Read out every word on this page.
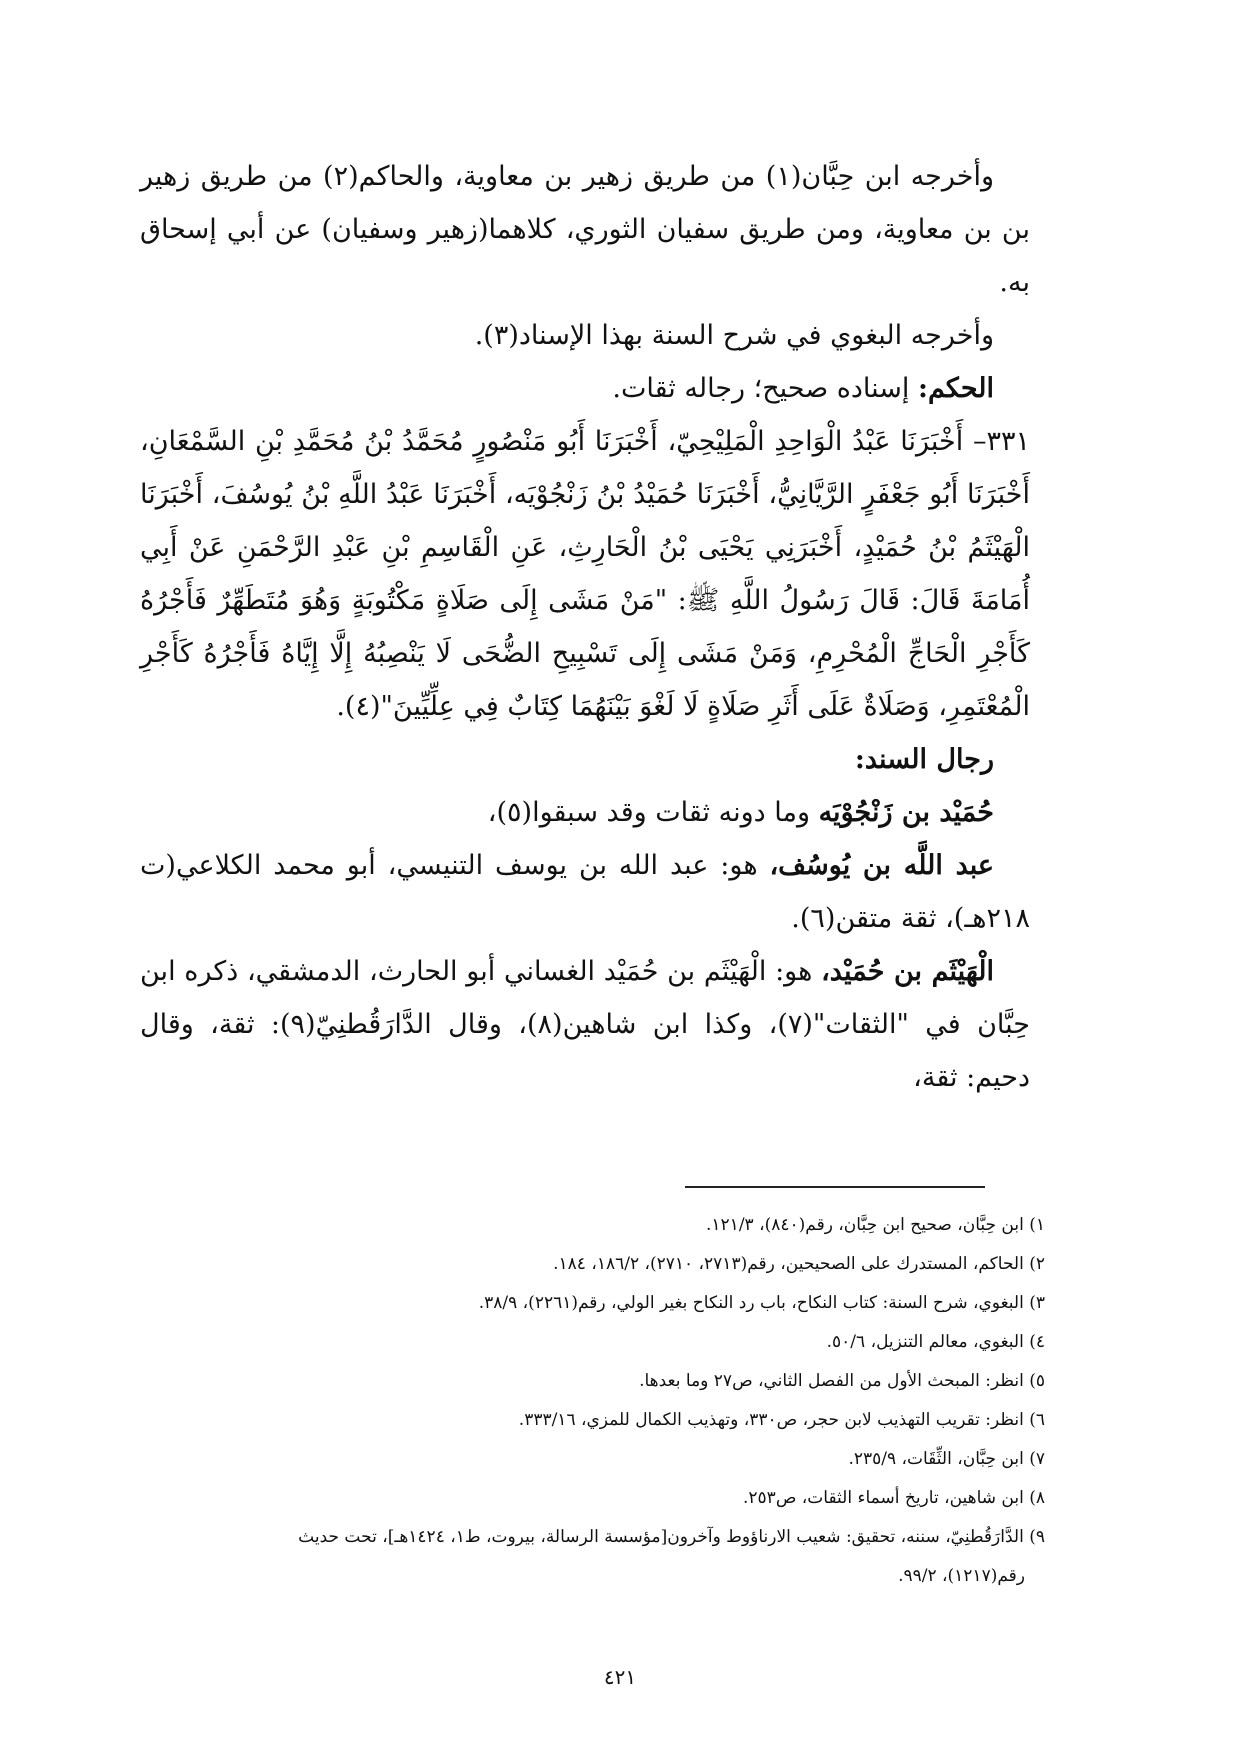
وأخرجه ابن حِبَّان(١) من طريق زهير بن معاوية، والحاكم(٢) من طريق زهير بن بن معاوية، ومن طريق سفيان الثوري، كلاهما(زهير وسفيان) عن أبي إسحاق به.

وأخرجه البغوي في شرح السنة بهذا الإسناد(٣).

الحكم: إسناده صحيح؛ رجاله ثقات.

٣٣١– أَخْبَرَنَا عَبْدُ الْوَاحِدِ الْمَلِيْحِيّ، أَخْبَرَنَا أَبُو مَنْصُورٍ مُحَمَّدُ بْنُ مُحَمَّدِ بْنِ السَّمْعَانِ، أَخْبَرَنَا أَبُو جَعْفَرٍ الرَّيَّانِيُّ، أَخْبَرَنَا حُمَيْدُ بْنُ زَنْجُوْيَه، أَخْبَرَنَا عَبْدُ اللَّهِ بْنُ يُوسُفَ، أَخْبَرَنَا الْهَيْثَمُ بْنُ حُمَيْدٍ، أَخْبَرَنِي يَحْيَى بْنُ الْحَارِثِ، عَنِ الْقَاسِمِ بْنِ عَبْدِ الرَّحْمَنِ عَنْ أَبِي أُمَامَةَ قَالَ: قَالَ رَسُولُ اللَّهِ ﷺ: "مَنْ مَشَى إِلَى صَلَاةٍ مَكْتُوبَةٍ وَهُوَ مُتَطَهِّرٌ فَأَجْرُهُ كَأَجْرِ الْحَاجِّ الْمُحْرِمِ، وَمَنْ مَشَى إِلَى تَسْبِيحِ الضُّحَى لَا يَنْصِبُهُ إِلَّا إِيَّاهُ فَأَجْرُهُ كَأَجْرِ الْمُعْتَمِرِ، وَصَلَاةٌ عَلَى أَثَرِ صَلَاةٍ لَا لَغْوَ بَيْنَهُمَا كِتَابٌ فِي عِلِّيِّينَ"(٤).

رجال السند:

حُمَيْد بن زَنْجُوْيَه وما دونه ثقات وقد سبقوا(٥)،

عبد اللَّه بن يُوسُف، هو: عبد الله بن يوسف التنيسي، أبو محمد الكلاعي(ت ٢١٨هـ)، ثقة متقن(٦).

الْهَيْثَم بن حُمَيْد، هو: الْهَيْثَم بن حُمَيْد الغساني أبو الحارث، الدمشقي، ذكره ابن حِبَّان في "الثقات"(٧)، وكذا ابن شاهين(٨)، وقال الدَّارَقُطنِيّ(٩): ثقة، وقال دحيم: ثقة،

١) ابن حِبَّان، صحيح ابن حِبَّان، رقم(٨٤٠)، ١٢١/٣.

٢) الحاكم، المستدرك على الصحيحين، رقم(٢٧١٣، ٢٧١٠)، ١٨٦/٢، ١٨٤.

٣) البغوي، شرح السنة: كتاب النكاح، باب رد النكاح بغير الولي، رقم(٢٢٦١)، ٣٨/٩.

٤) البغوي، معالم التنزيل، ٥٠/٦.

٥) انظر: المبحث الأول من الفصل الثاني، ص٢٧ وما بعدها.

٦) انظر: تقريب التهذيب لابن حجر، ص٣٣٠، وتهذيب الكمال للمزي، ٣٣٣/١٦.

٧) ابن حِبَّان، الثِّقَات، ٢٣٥/٩.

٨) ابن شاهين، تاريخ أسماء الثقات، ص٢٥٣.

٩) الدَّارَقُطنِيّ، سننه، تحقيق: شعيب الارناؤوط وآخرون[مؤسسة الرسالة، بيروت، ط١، ١٤٢٤هـ]، تحت حديث

رقم(١٢١٧)، ٩٩/٢.

٤٢١
